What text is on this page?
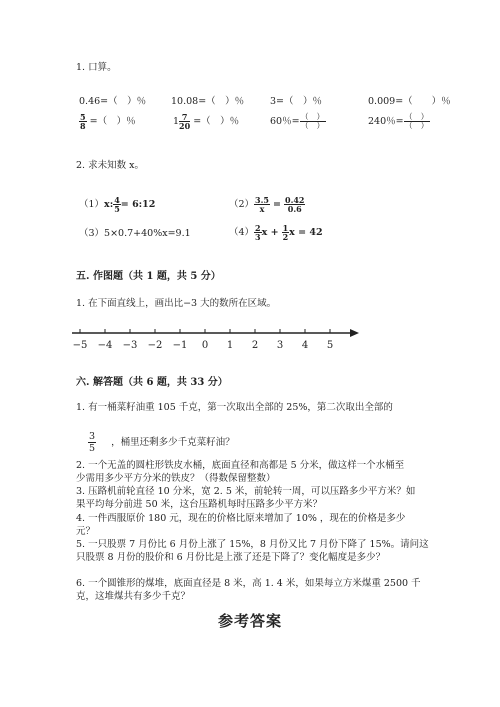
1. 口算。
0.46=（　）％	10.08=（　）％	3=（　）％	0.009=（　　）％
$\frac{5}{8}$ =（　）％	$1 \frac{7}{20}$ =（　）％	60％= $\frac{( )}{( )}$	240％= $\frac{( )}{( )}$
2. 求未知数 x。
（1）x: $\frac{4}{5}$ = 6:12	$(2) \frac{3.5}{x} = \frac{0.42}{0.6}$
（3）5×0.7+40%x=9.1	$(4) \frac{2}{3}$ $x + \frac{1}{2}$ x = 42
五. 作图题（共 1 题，共 5 分）
1. 在下面直线上，画出比−3 大的数所在区域。
−5 −4 −3 −2 −1 0 1 2 3 4 5
六. 解答题（共 6 题，共 33 分）
1. 有一桶菜籽油重 105 千克，第一次取出全部的 25%，第二次取出全部的
$\frac{3}{5}$ ，桶里还剩多少千克菜籽油？
2. 一个无盖的圆柱形铁皮水桶，底面直径和高都是 5 分米，做这样一个水桶至
少需用多少平方分米的铁皮？（得数保留整数）
3. 压路机前轮直径 10 分米，宽 2. 5 米，前轮转一周，可以压路多少平方米？如
果平均每分前进 50 米，这台压路机每时压路多少平方米？
4. 一件西服原价 180 元，现在的价格比原来增加了 10% ，现在的价格是多少
元？
5. 一只股票 7 月份比 6 月份上涨了 15%，8 月份又比 7 月份下降了 15%。请问这
只股票 8 月份的股价和 6 月份比是上涨了还是下降了？变化幅度是多少？
6. 一个圆锥形的煤堆，底面直径是 8 米，高 1. 4 米，如果每立方米煤重 2500 千
克，这堆煤共有多少千克？
参考答案
